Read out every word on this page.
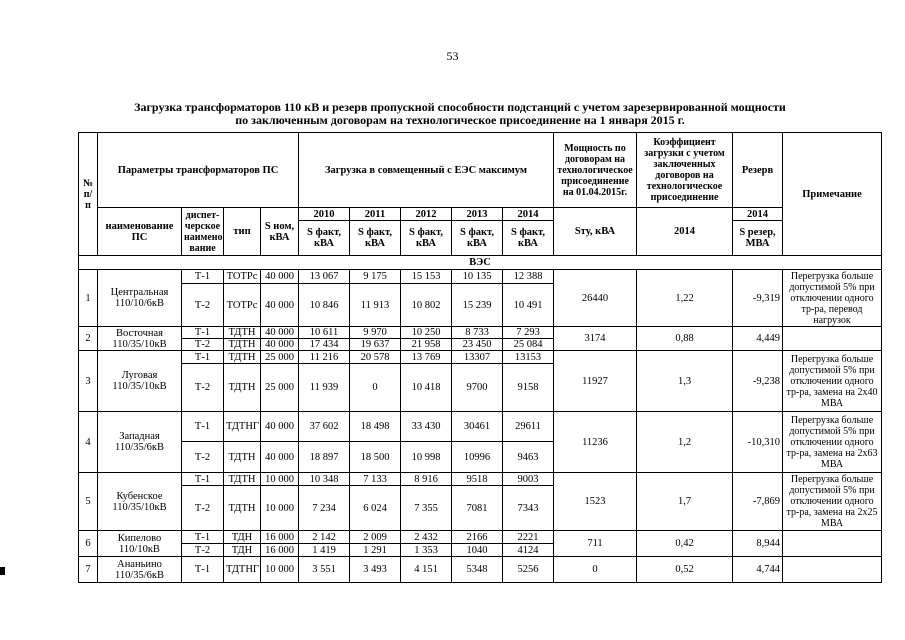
53
Загрузка трансформаторов 110 кВ и резерв пропускной способности подстанций с учетом зарезервированной мощности
по заключенным договорам на технологическое присоединение на 1 января 2015 г.
№ п/п	Параметры трансформаторов ПС				Загрузка в совмещенный с ЕЭС максимум					Мощность по договорам на технологическое присоединение на 01.04.2015г.	Коэффициент загрузки с учетом заключенных договоров на технологическое присоединение	Резерв	Примечание
	наименование ПС	диспет-черское наимено вание	тип	S ном, кВА	2010	2011	2012	2013	2014	Sту, кВА	2014	2014	
					S факт, кВА	S факт, кВА	S факт, кВА	S факт, кВА	S факт, кВА			S резер, МВА	
ВЭС													
1	Центральная 110/10/6кВ	Т-1	ТОТРс	40 000	13 067	9 175	15 153	10 135	12 388	26440	1,22	-9,319	Перегрузка больше допустимой 5% при отключении одного тр-ра, перевод нагрузок
		Т-2	ТОТРс	40 000	10 846	11 913	10 802	15 239	10 491				
2	Восточная 110/35/10кВ	Т-1	ТДТН	40 000	10 611	9 970	10 250	8 733	7 293	3174	0,88	4,449	
		Т-2	ТДТН	40 000	17 434	19 637	21 958	23 450	25 084				
3	Луговая 110/35/10кВ	Т-1	ТДТН	25 000	11 216	20 578	13 769	13307	13153	11927	1,3	-9,238	Перегрузка больше допустимой 5% при отключении одного тр-ра, замена на 2х40 МВА
		Т-2	ТДТН	25 000	11 939	0	10 418	9700	9158				
4	Западная 110/35/6кВ	Т-1	ТДТНГ	40 000	37 602	18 498	33 430	30461	29611	11236	1,2	-10,310	Перегрузка больше допустимой 5% при отключении одного тр-ра, замена на 2х63 МВА
		Т-2	ТДТН	40 000	18 897	18 500	10 998	10996	9463				
5	Кубенское 110/35/10кВ	Т-1	ТДТН	10 000	10 348	7 133	8 916	9518	9003	1523	1,7	-7,869	Перегрузка больше допустимой 5% при отключении одного тр-ра, замена на 2х25 МВА
		Т-2	ТДТН	10 000	7 234	6 024	7 355	7081	7343				
6	Кипелово 110/10кВ	Т-1	ТДН	16 000	2 142	2 009	2 432	2166	2221	711	0,42	8,944	
		Т-2	ТДН	16 000	1 419	1 291	1 353	1040	4124				
7	Ананьино 110/35/6кВ	Т-1	ТДТНГ	10 000	3 551	3 493	4 151	5348	5256	0	0,52	4,744	
